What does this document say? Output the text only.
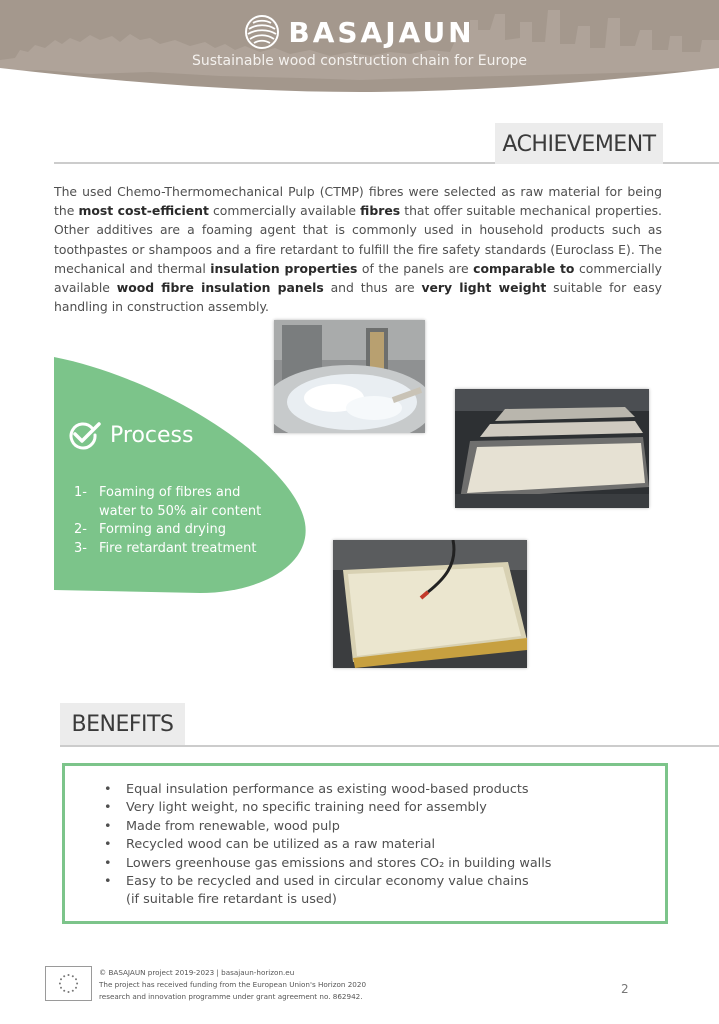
BASAJAUN
Sustainable wood construction chain for Europe
ACHIEVEMENT

The used Chemo-Thermomechanical Pulp (CTMP) fibres were selected as raw material for being the most cost-efficient commercially available fibres that offer suitable mechanical properties. Other additives are a foaming agent that is commonly used in household products such as toothpastes or shampoos and a fire retardant to fulfill the fire safety standards (Euroclass E). The mechanical and thermal insulation properties of the panels are comparable to commercially available wood fibre insulation panels and thus are very light weight suitable for easy handling in construction assembly.

Process
1- Foaming of fibres and water to 50% air content
2- Forming and drying
3- Fire retardant treatment
BENEFITS
•	Equal insulation performance as existing wood-based products
•	Very light weight, no specific training need for assembly
•	Made from renewable, wood pulp
•	Recycled wood can be utilized as a raw material
•	Lowers greenhouse gas emissions and stores CO₂ in building walls
•	Easy to be recycled and used in circular economy value chains
(if suitable fire retardant is used)
© BASAJAUN project 2019-2023 | basajaun-horizon.eu
The project has received funding from the European Union's Horizon 2020
research and innovation programme under grant agreement no. 862942.
2
